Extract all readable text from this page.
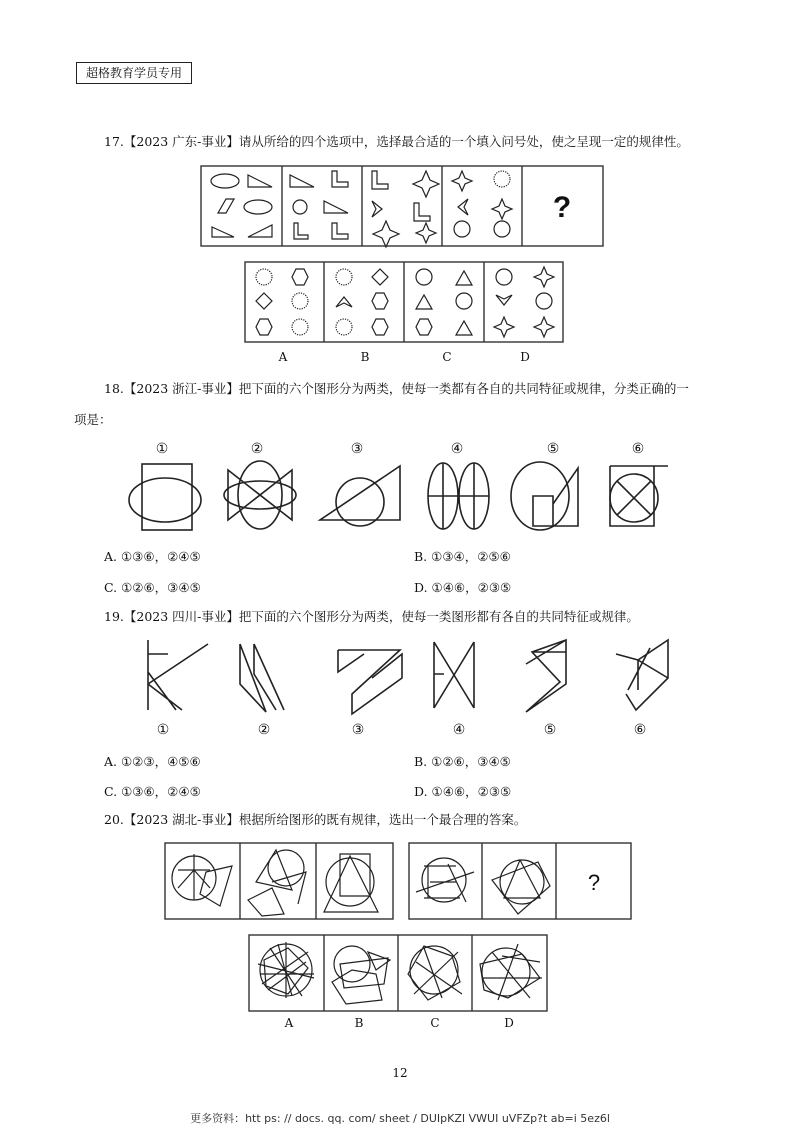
超格教育学员专用
17.【2023 广东-事业】请从所给的四个选项中，选择最合适的一个填入问号处，使之呈现一定的规律性。
?
A	B	C	D
18.【2023 浙江-事业】把下面的六个图形分为两类，使每一类都有各自的共同特征或规律，分类正确的一
项是：
①	②	③	④	⑤	⑥
A. ①③⑥，②④⑤	B. ①③④，②⑤⑥
C. ①②⑥，③④⑤	D. ①④⑥，②③⑤
19.【2023 四川-事业】把下面的六个图形分为两类，使每一类图形都有各自的共同特征或规律。
①	②	③	④	⑤	⑥
A. ①②③，④⑤⑥	B. ①②⑥，③④⑤
C. ①③⑥，②④⑤	D. ①④⑥，②③⑤
20.【2023 湖北-事业】根据所给图形的既有规律，选出一个最合理的答案。
?
A	B	C	D
12
更多资料：htt ps: // docs. qq. com/ sheet / DUIpKZI VWUI uVFZp?t ab=i 5ez6l
